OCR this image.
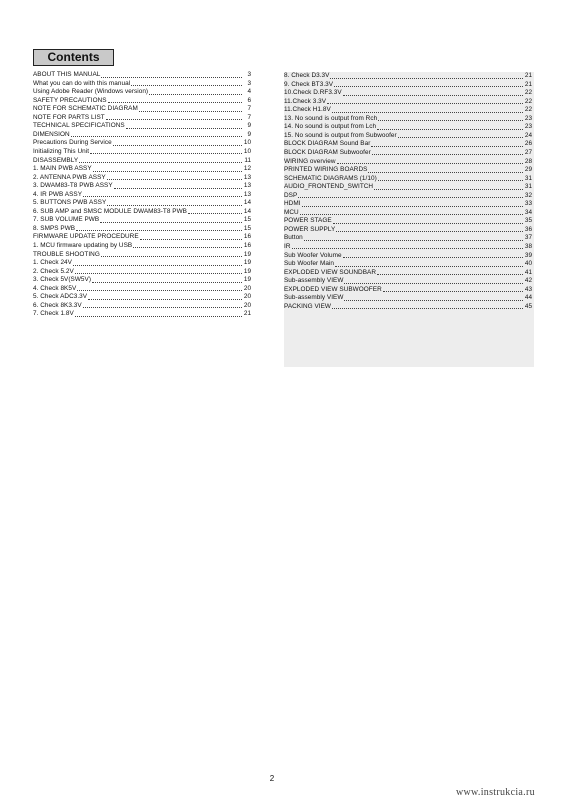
Contents
ABOUT THIS MANUAL	3
What you can do with this manual	3
Using Adobe Reader (Windows version)	4
SAFETY PRECAUTIONS	6
NOTE FOR SCHEMATIC DIAGRAM	7
NOTE FOR PARTS LIST	7
TECHNICAL SPECIFICATIONS	9
DIMENSION	9
Precautions During Service	10
Initializing This Unit	10
DISASSEMBLY	11
1. MAIN PWB ASSY	12
2. ANTENNA PWB ASSY	13
3. DWAM83-T8 PWB ASSY	13
4. IR PWB ASSY	13
5. BUTTONS PWB ASSY	14
6. SUB AMP and SMSC MODULE DWAM83-T8 PWB	14
7. SUB VOLUME PWB	15
8. SMPS PWB	15
FIRMWARE UPDATE PROCEDURE	16
1. MCU firmware updating by USB	16
TROUBLE SHOOTING	19
1. Check 24V	19
2. Check 5.2V	19
3. Check 5V(SW5V)	19
4. Check 8K5V	20
5. Check ADC3.3V	20
6. Check 8K3.3V	20
7. Check 1.8V	21
8. Check D3.3V	21
9. Check BT3.3V	21
10.Check D.RF3.3V	22
11.Check 3.3V	22
11.Check H1.8V	22
13. No sound is output from Rch	23
14. No sound is output from Lch	23
15. No sound is output from Subwoofer	24
BLOCK DIAGRAM Sound Bar	26
BLOCK DIAGRAM Subwoofer	27
WIRING overview	28
PRINTED WIRING BOARDS	29
SCHEMATIC DIAGRAMS (1/10)	31
AUDIO_FRONTEND_SWITCH	31
DSP	32
HDMI	33
MCU	34
POWER STAGE	35
POWER SUPPLY	36
Button	37
IR	38
Sub Woofer Volume	39
Sub Woofer Main	40
EXPLODED VIEW SOUNDBAR	41
Sub-assembly VIEW	42
EXPLODED VIEW SUBWOOFER	43
Sub-assembly VIEW	44
PACKING VIEW	45
2
www.instrukcia.ru
